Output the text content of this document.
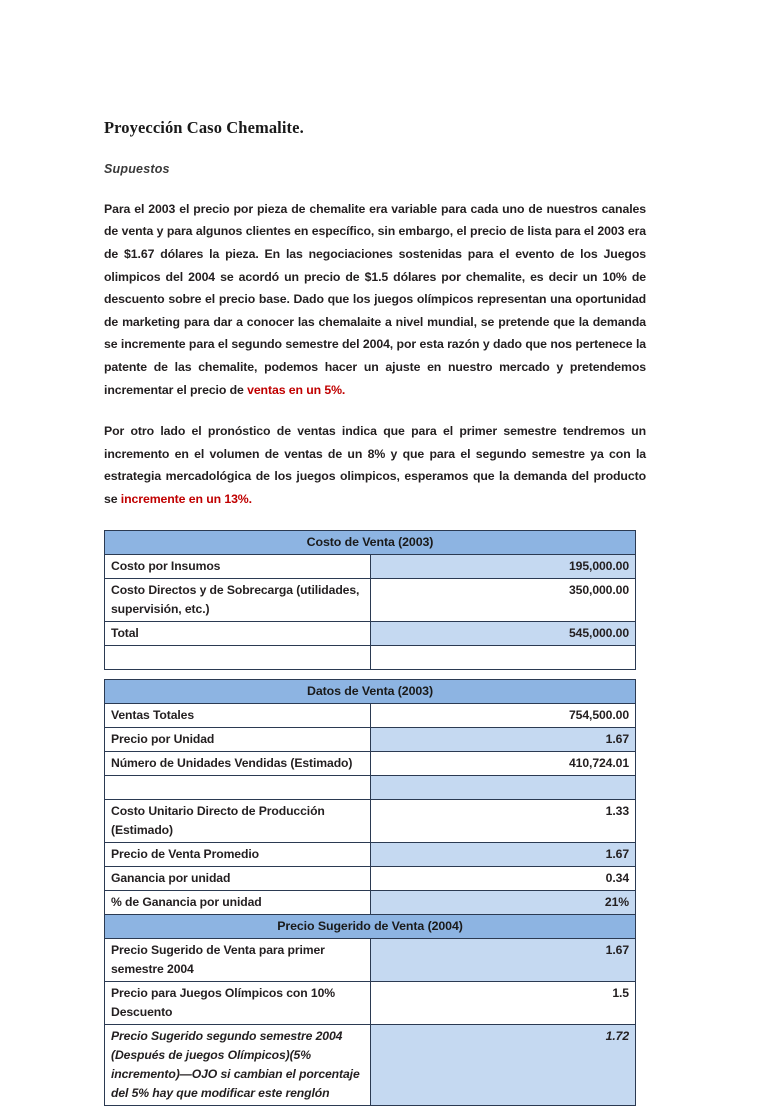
Proyección Caso Chemalite.
Supuestos

Para el 2003 el precio por pieza de chemalite era variable para cada uno de nuestros canales de venta y para algunos clientes en específico, sin embargo, el precio de lista para el 2003 era de $1.67 dólares la pieza. En las negociaciones sostenidas para el evento de los Juegos olimpicos del 2004 se acordó un precio de $1.5 dólares por chemalite, es decir un 10% de descuento sobre el precio base. Dado que los juegos olímpicos representan una oportunidad de marketing para dar a conocer las chemalaite a nivel mundial, se pretende que la demanda se incremente para el segundo semestre del 2004, por esta razón y dado que nos pertenece la patente de las chemalite, podemos hacer un ajuste en nuestro mercado y pretendemos incrementar el precio de ventas en un 5%.

Por otro lado el pronóstico de ventas indica que para el primer semestre tendremos un incremento en el volumen de ventas de un 8% y que para el segundo semestre ya con la estrategia mercadológica de los juegos olimpicos, esperamos que la demanda del producto se incremente en un 13%.

Costo de Venta (2003)	
Costo por Insumos	195,000.00
Costo Directos y de Sobrecarga (utilidades, supervisión, etc.)	350,000.00
Total	545,000.00

Datos de Venta (2003)	
Ventas Totales	754,500.00
Precio por Unidad	1.67
Número de Unidades Vendidas (Estimado)	410,724.01

Costo Unitario Directo de Producción (Estimado)	1.33
Precio de Venta Promedio	1.67
Ganancia por unidad	0.34
% de Ganancia por unidad	21%
Precio Sugerido de Venta (2004)	
Precio Sugerido de Venta para primer semestre 2004	1.67
Precio para Juegos Olímpicos con 10% Descuento	1.5
Precio Sugerido segundo semestre 2004 (Después de juegos Olímpicos)(5% incremento)—OJO si cambian el porcentaje del 5% hay que modificar este renglón	1.72
